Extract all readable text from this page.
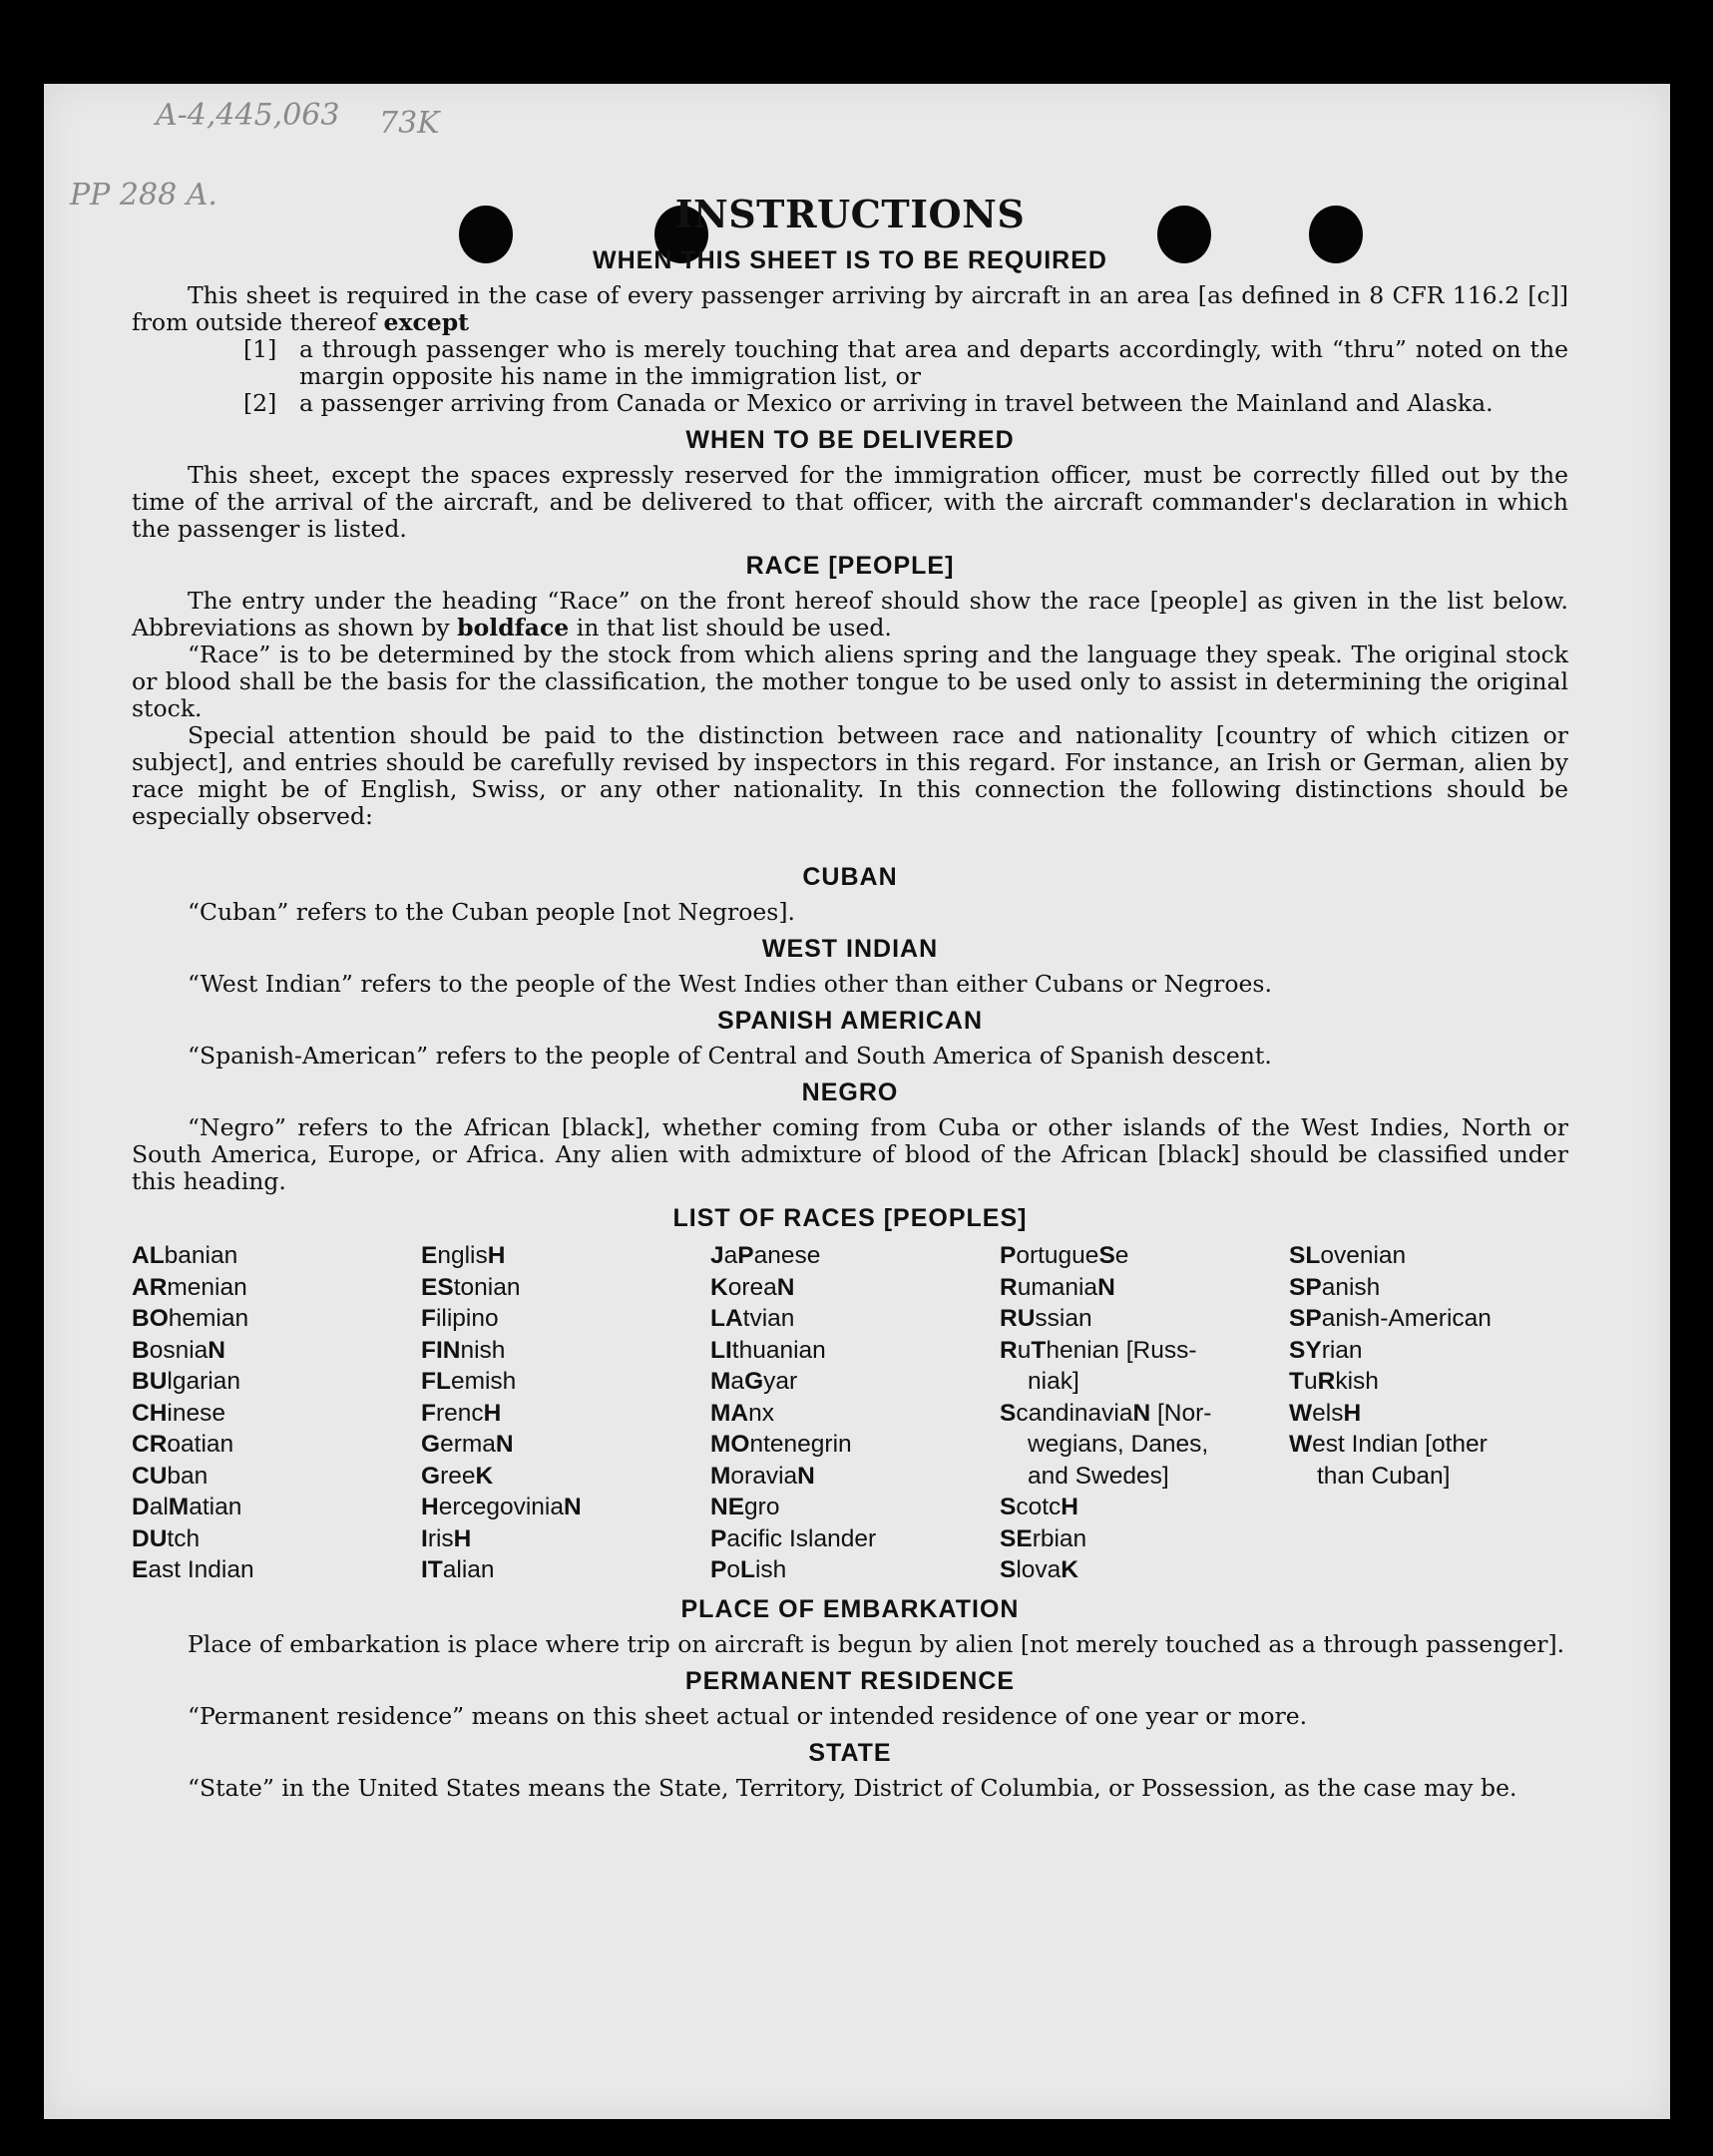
A-4,445,063 73K
PP 288 A.	INSTRUCTIONS
WHEN THIS SHEET IS TO BE REQUIRED

This sheet is required in the case of every passenger arriving by aircraft in an area [as defined in 8 CFR 116.2 [c]] from outside thereof except

[1] a through passenger who is merely touching that area and departs accordingly, with “thru” noted on the margin opposite his name in the immigration list, or
[2] a passenger arriving from Canada or Mexico or arriving in travel between the Mainland and Alaska.
WHEN TO BE DELIVERED

This sheet, except the spaces expressly reserved for the immigration officer, must be correctly filled out by the time of the arrival of the aircraft, and be delivered to that officer, with the aircraft commander's declaration in which the passenger is listed.

RACE [PEOPLE]

The entry under the heading “Race” on the front hereof should show the race [people] as given in the list below. Abbreviations as shown by boldface in that list should be used.

“Race” is to be determined by the stock from which aliens spring and the language they speak. The original stock or blood shall be the basis for the classification, the mother tongue to be used only to assist in determining the original stock.

Special attention should be paid to the distinction between race and nationality [country of which citizen or subject], and entries should be carefully revised by inspectors in this regard. For instance, an Irish or German, alien by race might be of English, Swiss, or any other nationality. In this connection the following distinctions should be especially observed:

CUBAN

“Cuban” refers to the Cuban people [not Negroes].

WEST INDIAN

“West Indian” refers to the people of the West Indies other than either Cubans or Negroes.

SPANISH AMERICAN

“Spanish-American” refers to the people of Central and South America of Spanish descent.

NEGRO

“Negro” refers to the African [black], whether coming from Cuba or other islands of the West Indies, North or South America, Europe, or Africa. Any alien with admixture of blood of the African [black] should be classified under this heading.

LIST OF RACES [PEOPLES]
ALbanian
ARmenian
BOhemian
BosniaN
BUlgarian
CHinese
CRoatian
CUban
DalMatian
DUtch
East Indian
EnglisH
EStonian
Filipino
FINnish
FLemish
FrencH
GermaN
GreeK
HercegoviniaN
IrisH
ITalian
JaPanese
KoreaN
LAtvian
LIthuanian
MaGyar
MAnx
MOntenegrin
MoraviaN
NEgro
Pacific Islander
PoLish
PortugueSe
RumaniaN
RUssian
RuThenian [Russ-
niak]
ScandinaviaN [Nor-
wegians, Danes,
and Swedes]
ScotcH
SErbian
SlovaK
SLovenian
SPanish
SPanish-American
SYrian
TuRkish
WelsH
West Indian [other
than Cuban]
PLACE OF EMBARKATION

Place of embarkation is place where trip on aircraft is begun by alien [not merely touched as a through passenger].

PERMANENT RESIDENCE

“Permanent residence” means on this sheet actual or intended residence of one year or more.

STATE

“State” in the United States means the State, Territory, District of Columbia, or Possession, as the case may be.
